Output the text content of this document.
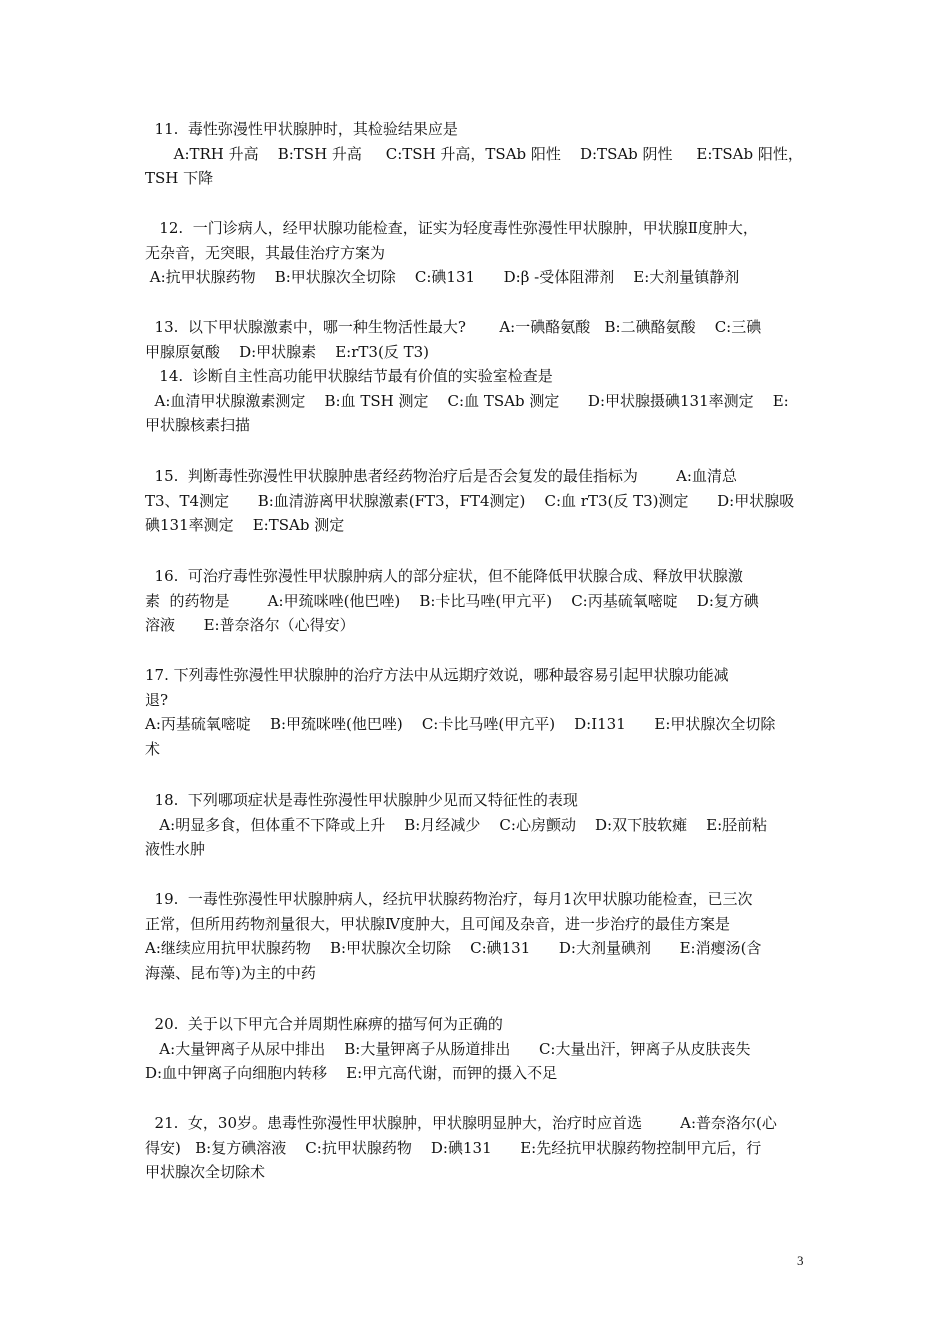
11.  毒性弥漫性甲状腺肿时，其检验结果应是
A:TRH 升高    B:TSH 升高     C:TSH 升高，TSAb 阳性    D:TSAb 阴性     E:TSAb 阳性，
TSH 下降
12.  一门诊病人，经甲状腺功能检查，证实为轻度毒性弥漫性甲状腺肿，甲状腺Ⅱ度肿大，
无杂音，无突眼，其最佳治疗方案为
A:抗甲状腺药物    B:甲状腺次全切除    C:碘131      D:β -受体阻滞剂    E:大剂量镇静剂
13.  以下甲状腺激素中，哪一种生物活性最大?       A:一碘酪氨酸   B:二碘酪氨酸    C:三碘
甲腺原氨酸    D:甲状腺素    E:rT3(反 T3)
14.  诊断自主性高功能甲状腺结节最有价值的实验室检查是
A:血清甲状腺激素测定    B:血 TSH 测定    C:血 TSAb 测定      D:甲状腺摄碘131率测定    E:
甲状腺核素扫描
15.  判断毒性弥漫性甲状腺肿患者经药物治疗后是否会复发的最佳指标为        A:血清总
T3、T4测定      B:血清游离甲状腺激素(FT3，FT4测定)    C:血 rT3(反 T3)测定      D:甲状腺吸
碘131率测定    E:TSAb 测定
16.  可治疗毒性弥漫性甲状腺肿病人的部分症状，但不能降低甲状腺合成、释放甲状腺激
素  的药物是        A:甲巯咪唑(他巴唑)    B:卡比马唑(甲亢平)    C:丙基硫氧嘧啶    D:复方碘
溶液      E:普奈洛尔（心得安）
17. 下列毒性弥漫性甲状腺肿的治疗方法中从远期疗效说，哪种最容易引起甲状腺功能减
退?
A:丙基硫氧嘧啶    B:甲巯咪唑(他巴唑)    C:卡比马唑(甲亢平)    D:I131      E:甲状腺次全切除
术
18.  下列哪项症状是毒性弥漫性甲状腺肿少见而又特征性的表现
A:明显多食，但体重不下降或上升    B:月经减少    C:心房颤动    D:双下肢软瘫    E:胫前粘
液性水肿
19.  一毒性弥漫性甲状腺肿病人，经抗甲状腺药物治疗，每月1次甲状腺功能检查，已三次
正常，但所用药物剂量很大，甲状腺Ⅳ度肿大，且可闻及杂音，进一步治疗的最佳方案是
A:继续应用抗甲状腺药物    B:甲状腺次全切除    C:碘131      D:大剂量碘剂      E:消瘿汤(含
海藻、昆布等)为主的中药
20.  关于以下甲亢合并周期性麻痹的描写何为正确的
A:大量钾离子从尿中排出    B:大量钾离子从肠道排出      C:大量出汗，钾离子从皮肤丧失
D:血中钾离子向细胞内转移    E:甲亢高代谢，而钾的摄入不足
21.  女，30岁。患毒性弥漫性甲状腺肿，甲状腺明显肿大，治疗时应首选        A:普奈洛尔(心
得安)   B:复方碘溶液    C:抗甲状腺药物    D:碘131      E:先经抗甲状腺药物控制甲亢后，行
甲状腺次全切除术
3
